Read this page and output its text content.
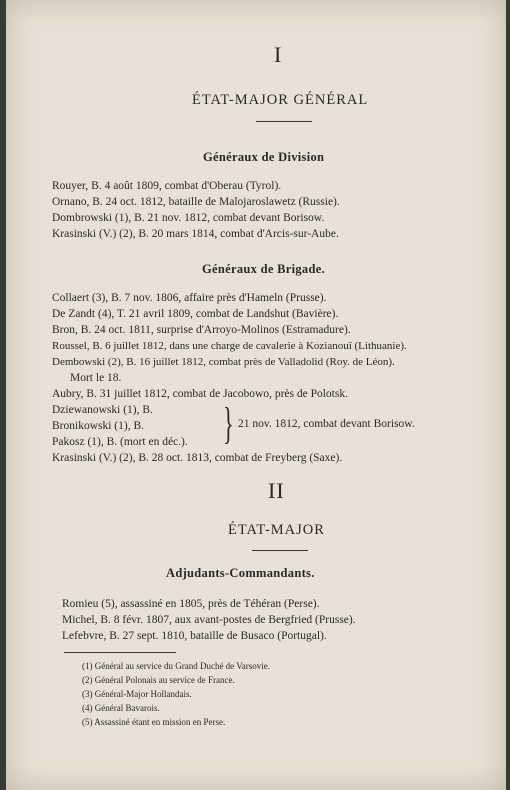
I
ÉTAT-MAJOR GÉNÉRAL
Généraux de Division
Rouyer, B. 4 août 1809, combat d'Oberau (Tyrol).
Ornano, B. 24 oct. 1812, bataille de Malojaroslawetz (Russie).
Dombrowski (1), B. 21 nov. 1812, combat devant Borisow.
Krasinski (V.) (2), B. 20 mars 1814, combat d'Arcis-sur-Aube.
Généraux de Brigade.
Collaert (3), B. 7 nov. 1806, affaire près d'Hameln (Prusse).
De Zandt (4), T. 21 avril 1809, combat de Landshut (Bavière).
Bron, B. 24 oct. 1811, surprise d'Arroyo-Molinos (Estramadure).
Roussel, B. 6 juillet 1812, dans une charge de cavalerie à Kozianouï (Lithuanie).
Dembowski (2), B. 16 juillet 1812, combat près de Valladolid (Roy. de Léon).
Mort le 18.
Aubry, B. 31 juillet 1812, combat de Jacobowo, près de Polotsk.
Dziewanowski (1), B.
Bronikowski (1), B.
Pakosz (1), B. (mort en déc.). } 21 nov. 1812, combat devant Borisow.
Krasinski (V.) (2), B. 28 oct. 1813, combat de Freyberg (Saxe).
II
ÉTAT-MAJOR
Adjudants-Commandants.
Romieu (5), assassiné en 1805, près de Téhéran (Perse).
Michel, B. 8 févr. 1807, aux avant-postes de Bergfried (Prusse).
Lefebvre, B. 27 sept. 1810, bataille de Busaco (Portugal).
(1) Général au service du Grand Duché de Varsovie.
(2) Général Polonais au service de France.
(3) Général-Major Hollandais.
(4) Général Bavarois.
(5) Assassiné étant en mission en Perse.
